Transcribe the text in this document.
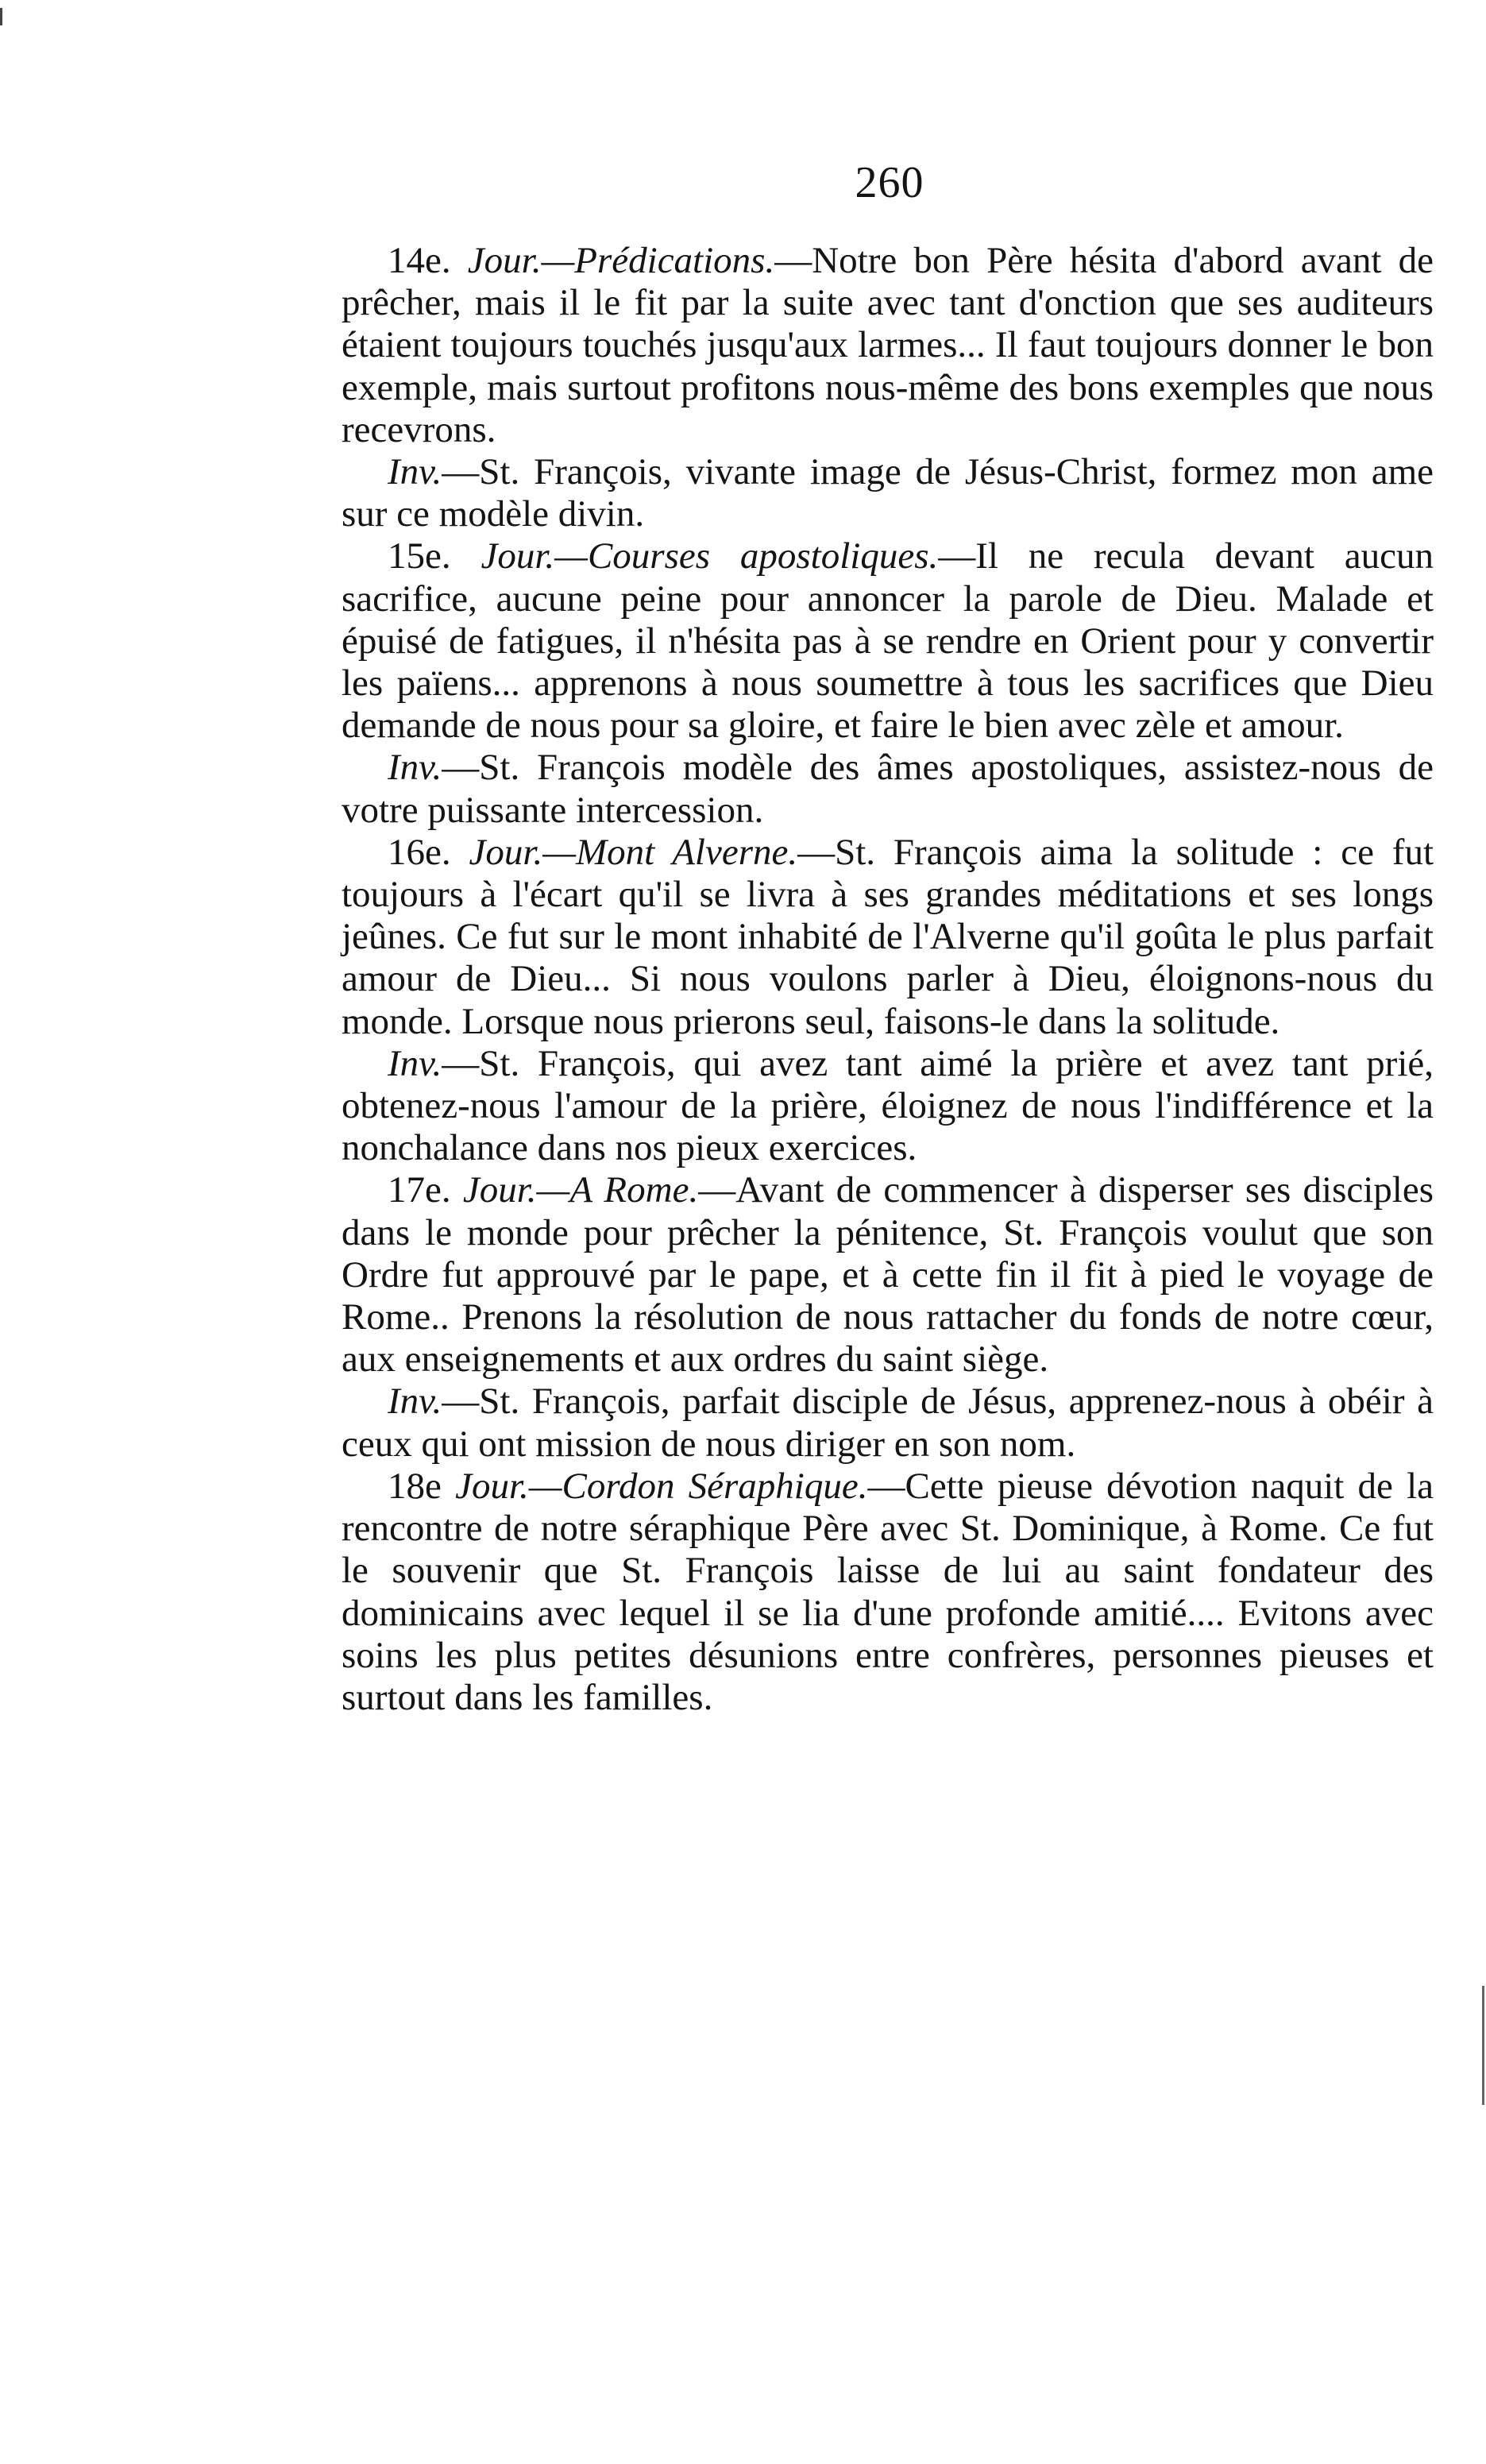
260

14e. Jour.—Prédications.—Notre bon Père hésita d'abord avant de prêcher, mais il le fit par la suite avec tant d'onction que ses auditeurs étaient toujours touchés jusqu'aux larmes... Il faut toujours donner le bon exemple, mais surtout profitons nous-même des bons exemples que nous recevrons.

Inv.—St. François, vivante image de Jésus-Christ, formez mon ame sur ce modèle divin.

15e. Jour.—Courses apostoliques.—Il ne recula devant aucun sacrifice, aucune peine pour annoncer la parole de Dieu. Malade et épuisé de fatigues, il n'hésita pas à se rendre en Orient pour y convertir les païens... apprenons à nous soumettre à tous les sacrifices que Dieu demande de nous pour sa gloire, et faire le bien avec zèle et amour.

Inv.—St. François modèle des âmes apostoliques, assistez-nous de votre puissante intercession.

16e. Jour.—Mont Alverne.—St. François aima la solitude : ce fut toujours à l'écart qu'il se livra à ses grandes méditations et ses longs jeûnes. Ce fut sur le mont inhabité de l'Alverne qu'il goûta le plus parfait amour de Dieu... Si nous voulons parler à Dieu, éloignons-nous du monde. Lorsque nous prierons seul, faisons-le dans la solitude.

Inv.—St. François, qui avez tant aimé la prière et avez tant prié, obtenez-nous l'amour de la prière, éloignez de nous l'indifférence et la nonchalance dans nos pieux exercices.

17e. Jour.—A Rome.—Avant de commencer à disperser ses disciples dans le monde pour prêcher la pénitence, St. François voulut que son Ordre fut approuvé par le pape, et à cette fin il fit à pied le voyage de Rome.. Prenons la résolution de nous rattacher du fonds de notre cœur, aux enseignements et aux ordres du saint siège.

Inv.—St. François, parfait disciple de Jésus, apprenez-nous à obéir à ceux qui ont mission de nous diriger en son nom.

18e Jour.—Cordon Séraphique.—Cette pieuse dévotion naquit de la rencontre de notre séraphique Père avec St. Dominique, à Rome. Ce fut le souvenir que St. François laisse de lui au saint fondateur des dominicains avec lequel il se lia d'une profonde amitié.... Evitons avec soins les plus petites désunions entre confrères, personnes pieuses et surtout dans les familles.
